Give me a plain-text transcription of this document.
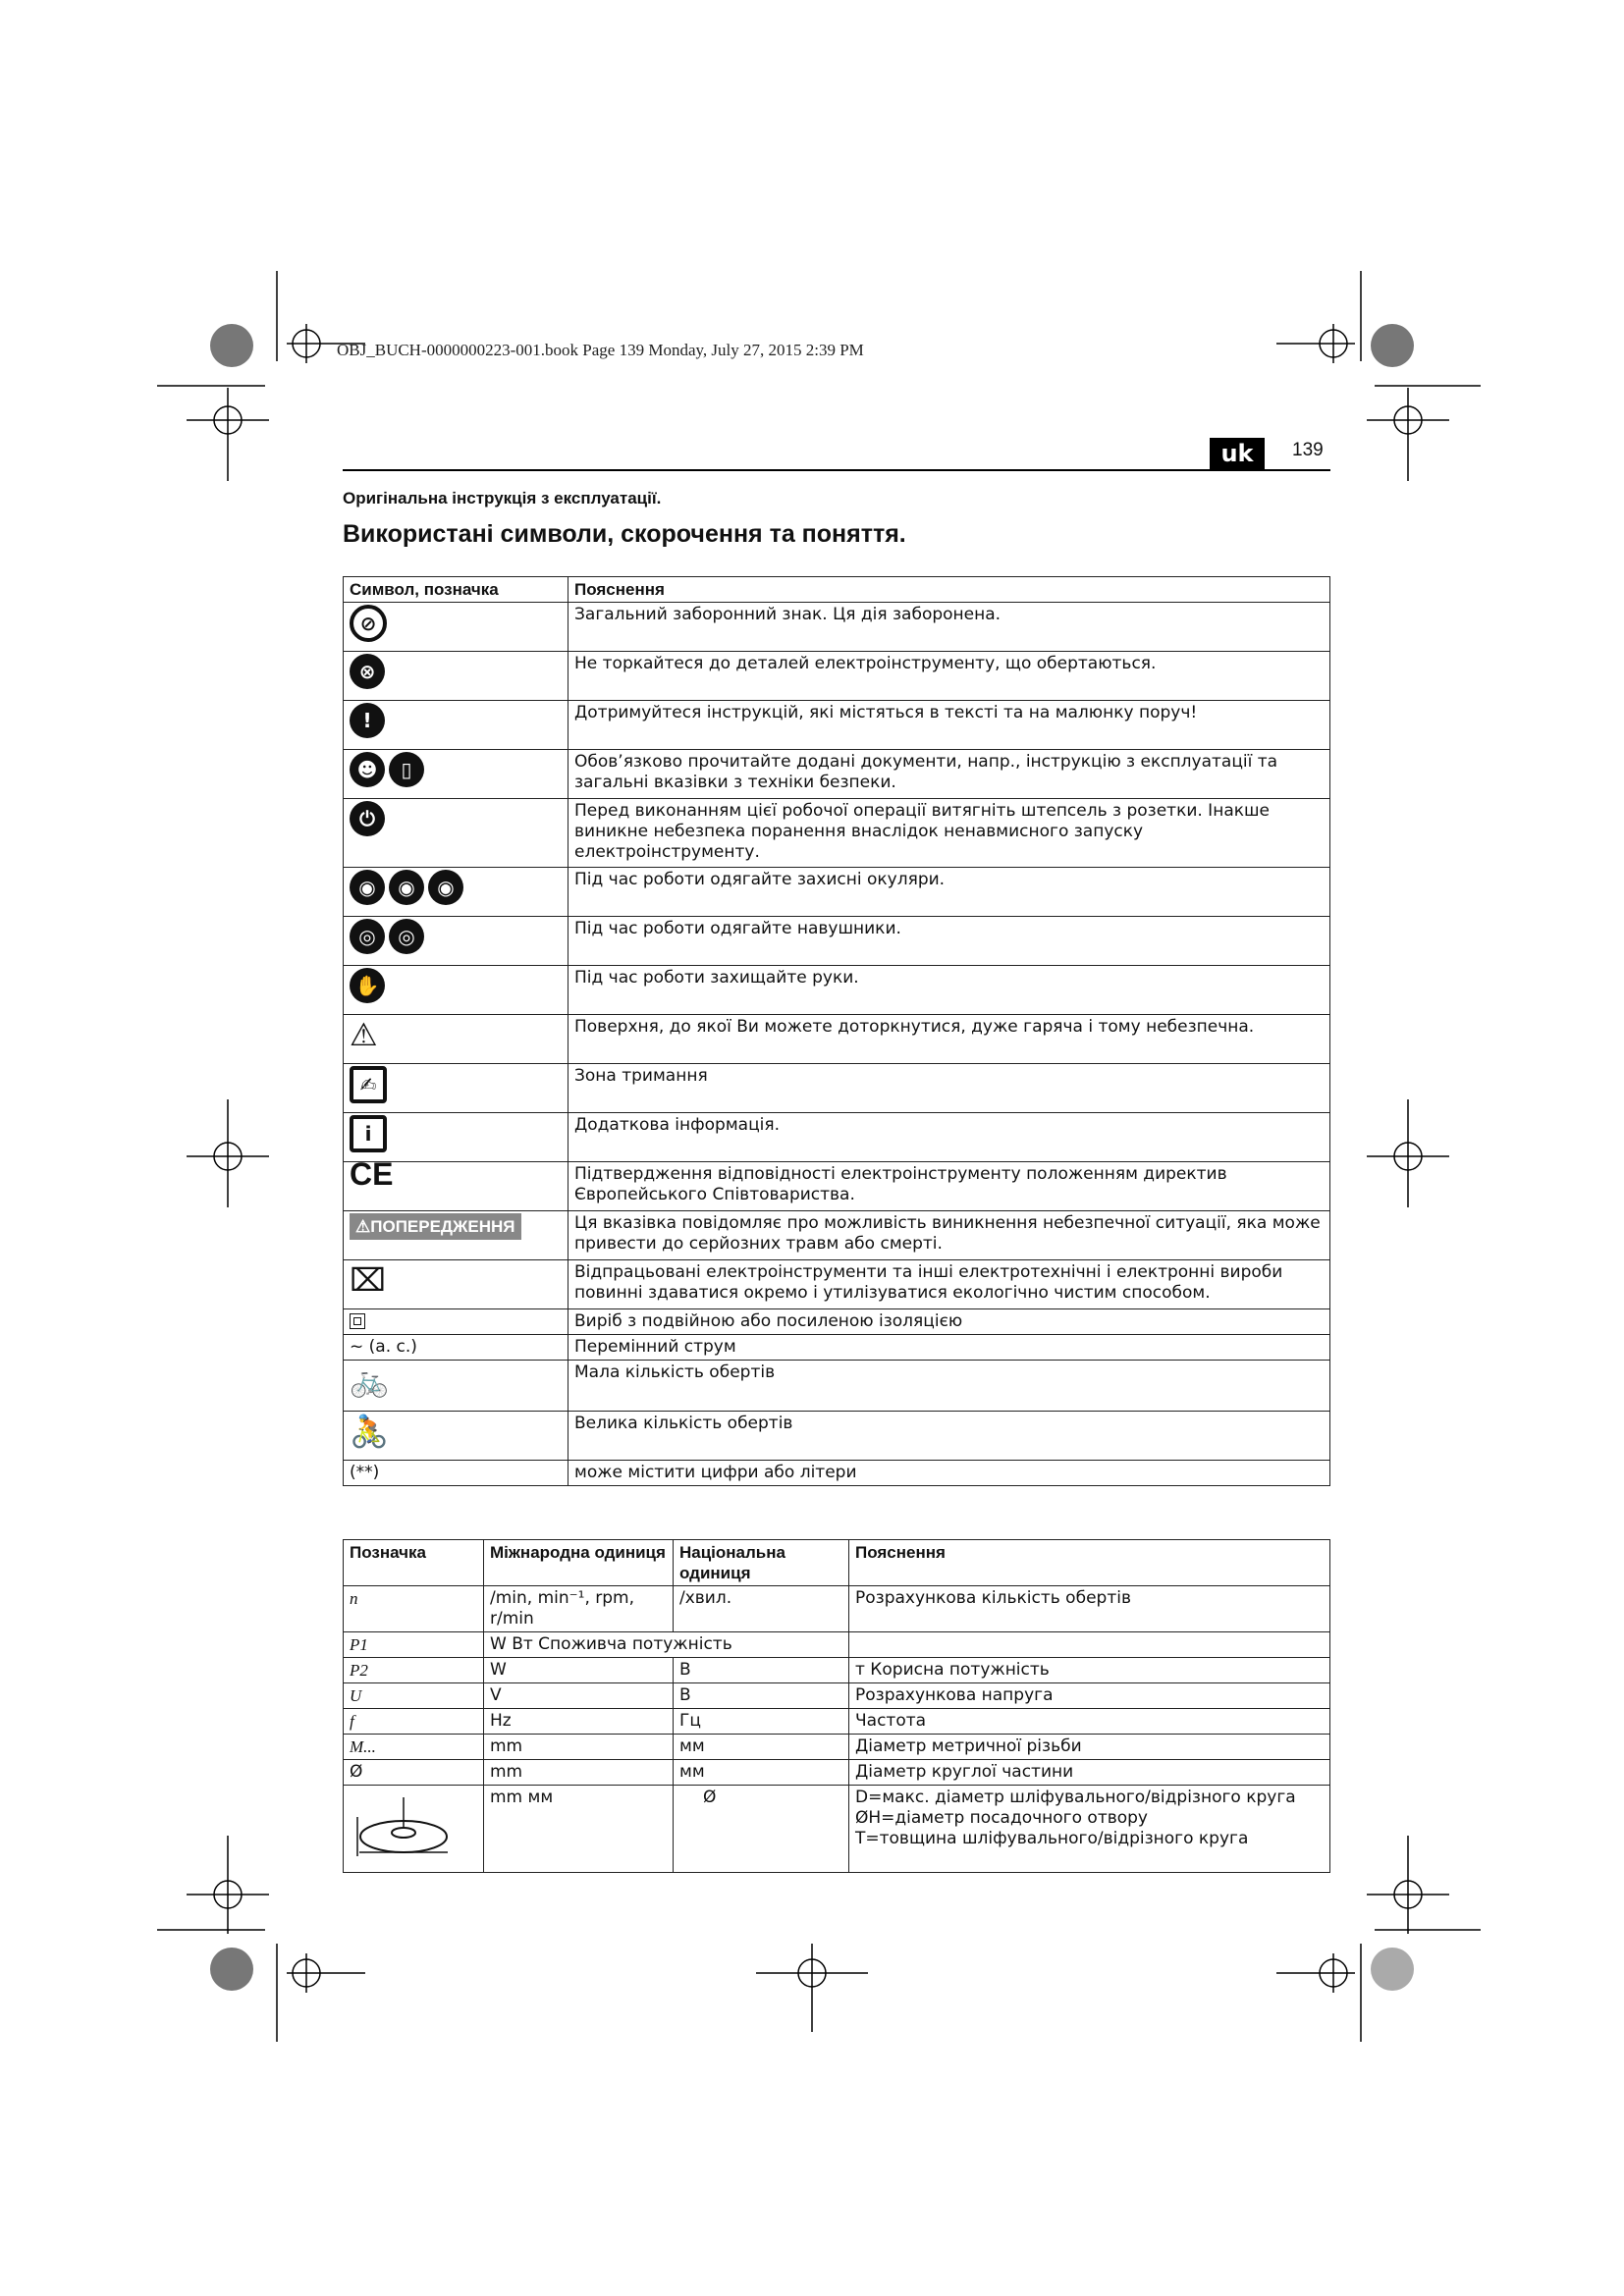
OBJ_BUCH-0000000223-001.book Page 139 Monday, July 27, 2015 2:39 PM
uk	139
Оригінальна інструкція з експлуатації.
Використані символи, скорочення та поняття.
Символ, позначка	Пояснення
⊘	Загальний заборонний знак. Ця дія заборонена.
⊗	Не торкайтеся до деталей електроінструменту, що обертаються.
!	Дотримуйтеся інструкцій, які містяться в тексті та на малюнку поруч!
☻ ▯	Обов’язково прочитайте додані документи, напр., інструкцію з експлуатації та загальні вказівки з техніки безпеки.
⏻	Перед виконанням цієї робочої операції витягніть штепсель з розетки. Інакше виникне небезпека поранення внаслідок ненавмисного запуску електроінструменту.
◉ ◉ ◉	Під час роботи одягайте захисні окуляри.
◎ ◎	Під час роботи одягайте навушники.
✋	Під час роботи захищайте руки.
⚠	Поверхня, до якої Ви можете доторкнутися, дуже гаряча і тому небезпечна.
✍	Зона тримання
i	Додаткова інформація.
CE	Підтвердження відповідності електроінструменту положенням директив Європейського Співтовариства.
⚠ПОПЕРЕДЖЕННЯ	Ця вказівка повідомляє про можливість виникнення небезпечної ситуації, яка може привести до серйозних травм або смерті.
⌧	Відпрацьовані електроінструменти та інші електротехнічні і електронні вироби повинні здаватися окремо і утилізуватися екологічно чистим способом.
	Виріб з подвійною або посиленою ізоляцією
~ (a. c.)	Перемінний струм
🚲	Мала кількість обертів
🚴	Велика кількість обертів
(**)	може містити цифри або літери
Позначка	Міжнародна одиниця	Національна одиниця	Пояснення
n	/min, min⁻¹, rpm, r/min	/хвил.	Розрахункова кількість обертів
P1	W Вт Споживча потужність		
P2	W	В	т Корисна потужність
U	V	В	Розрахункова напруга
f	Hz	Гц	Частота
M...	mm	мм	Діаметр метричної різьби
Ø	mm	мм	Діаметр круглої частини
	mm мм	Ø	D=макс. діаметр шліфувального/відрізного круга
ØH=діаметр посадочного отвору
T=товщина шліфувального/відрізного круга
